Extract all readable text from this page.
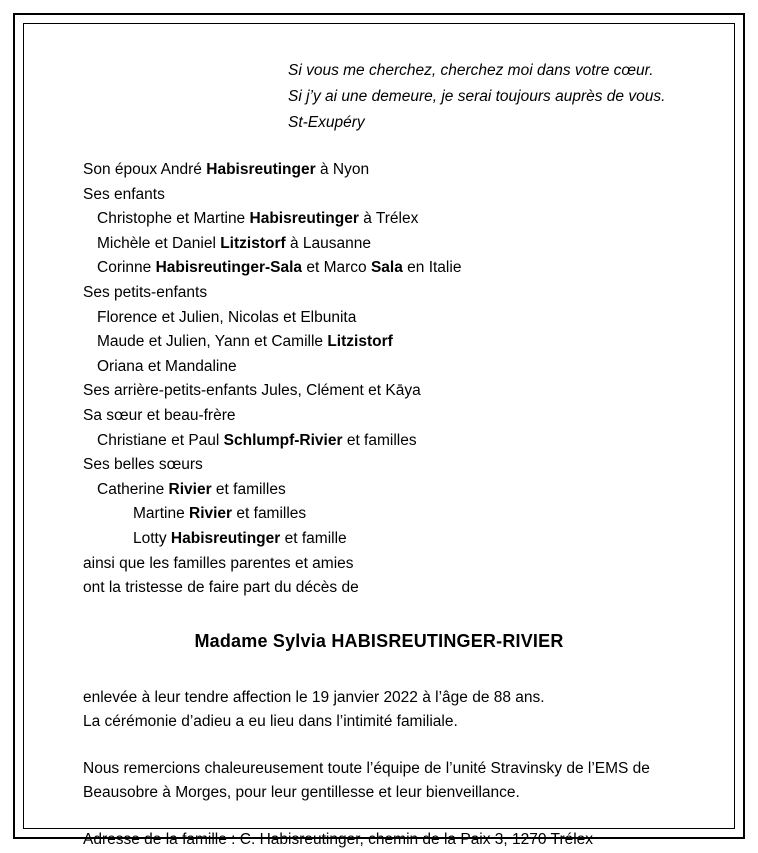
Si vous me cherchez, cherchez moi dans votre cœur.
Si j’y ai une demeure, je serai toujours auprès de vous.
St-Exupéry
Son époux André Habisreutinger à Nyon
Ses enfants
Christophe et Martine Habisreutinger à Trélex
Michèle et Daniel Litzistorf à Lausanne
Corinne Habisreutinger-Sala et Marco Sala en Italie
Ses petits-enfants
Florence et Julien, Nicolas et Elbunita
Maude et Julien, Yann et Camille Litzistorf
Oriana et Mandaline
Ses arrière-petits-enfants Jules, Clément et Kāya
Sa sœur et beau-frère
Christiane et Paul Schlumpf-Rivier et familles
Ses belles sœurs
Catherine Rivier et familles
Martine Rivier et familles
Lotty Habisreutinger et famille
ainsi que les familles parentes et amies
ont la tristesse de faire part du décès de
Madame Sylvia HABISREUTINGER-RIVIER
enlevée à leur tendre affection le 19 janvier 2022 à l’âge de 88 ans.
La cérémonie d’adieu a eu lieu dans l’intimité familiale.
Nous remercions chaleureusement toute l’équipe de l’unité Stravinsky de l’EMS de Beausobre à Morges, pour leur gentillesse et leur bienveillance.
Adresse de la famille : C. Habisreutinger, chemin de la Paix 3, 1270 Trélex
